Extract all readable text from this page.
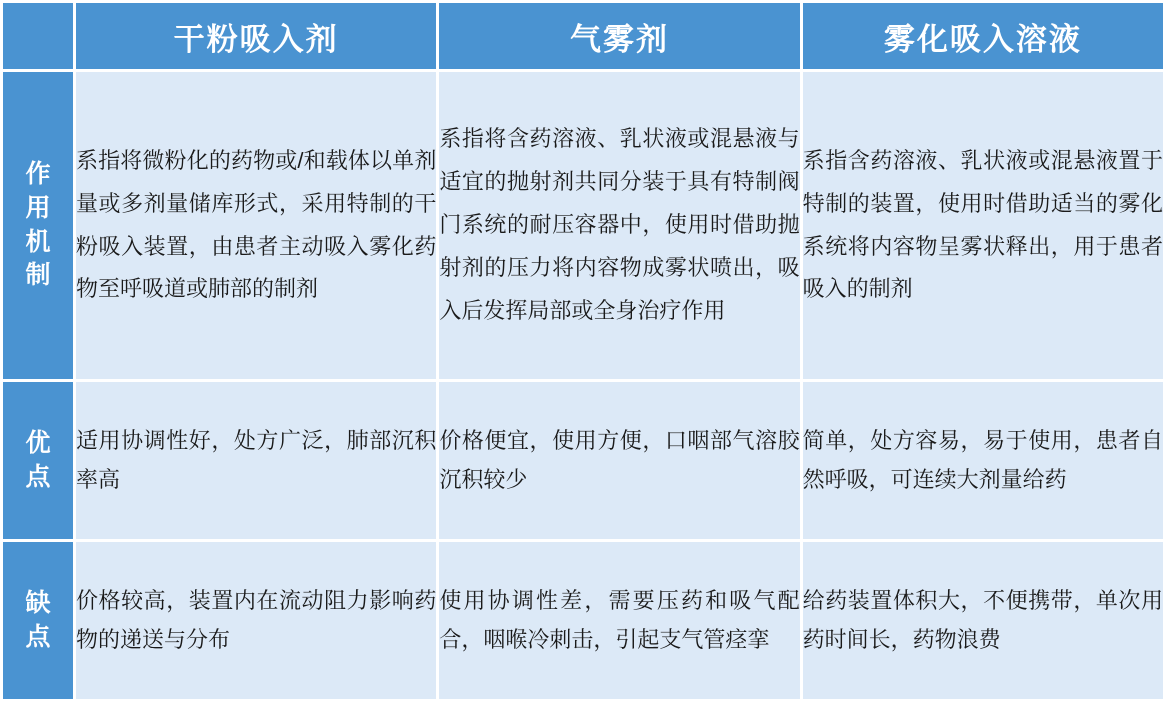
	干粉吸入剂	气雾剂	雾化吸入溶液

作
用
机
制	系指将微粉化的药物或/和载体以单剂量或多剂量储库形式，采用特制的干粉吸入装置，由患者主动吸入雾化药物至呼吸道或肺部的制剂	系指将含药溶液、乳状液或混悬液与适宜的抛射剂共同分装于具有特制阀门系统的耐压容器中，使用时借助抛射剂的压力将内容物成雾状喷出，吸入后发挥局部或全身治疗作用	系指含药溶液、乳状液或混悬液置于特制的装置，使用时借助适当的雾化系统将内容物呈雾状释出，用于患者吸入的制剂

优
点	适用协调性好，处方广泛，肺部沉积率高	价格便宜，使用方便，口咽部气溶胶沉积较少	简单，处方容易，易于使用，患者自然呼吸，可连续大剂量给药

缺
点	价格较高，装置内在流动阻力影响药物的递送与分布	使用协调性差，需要压药和吸气配合，咽喉冷刺击，引起支气管痉挛	给药装置体积大，不便携带，单次用药时间长，药物浪费
